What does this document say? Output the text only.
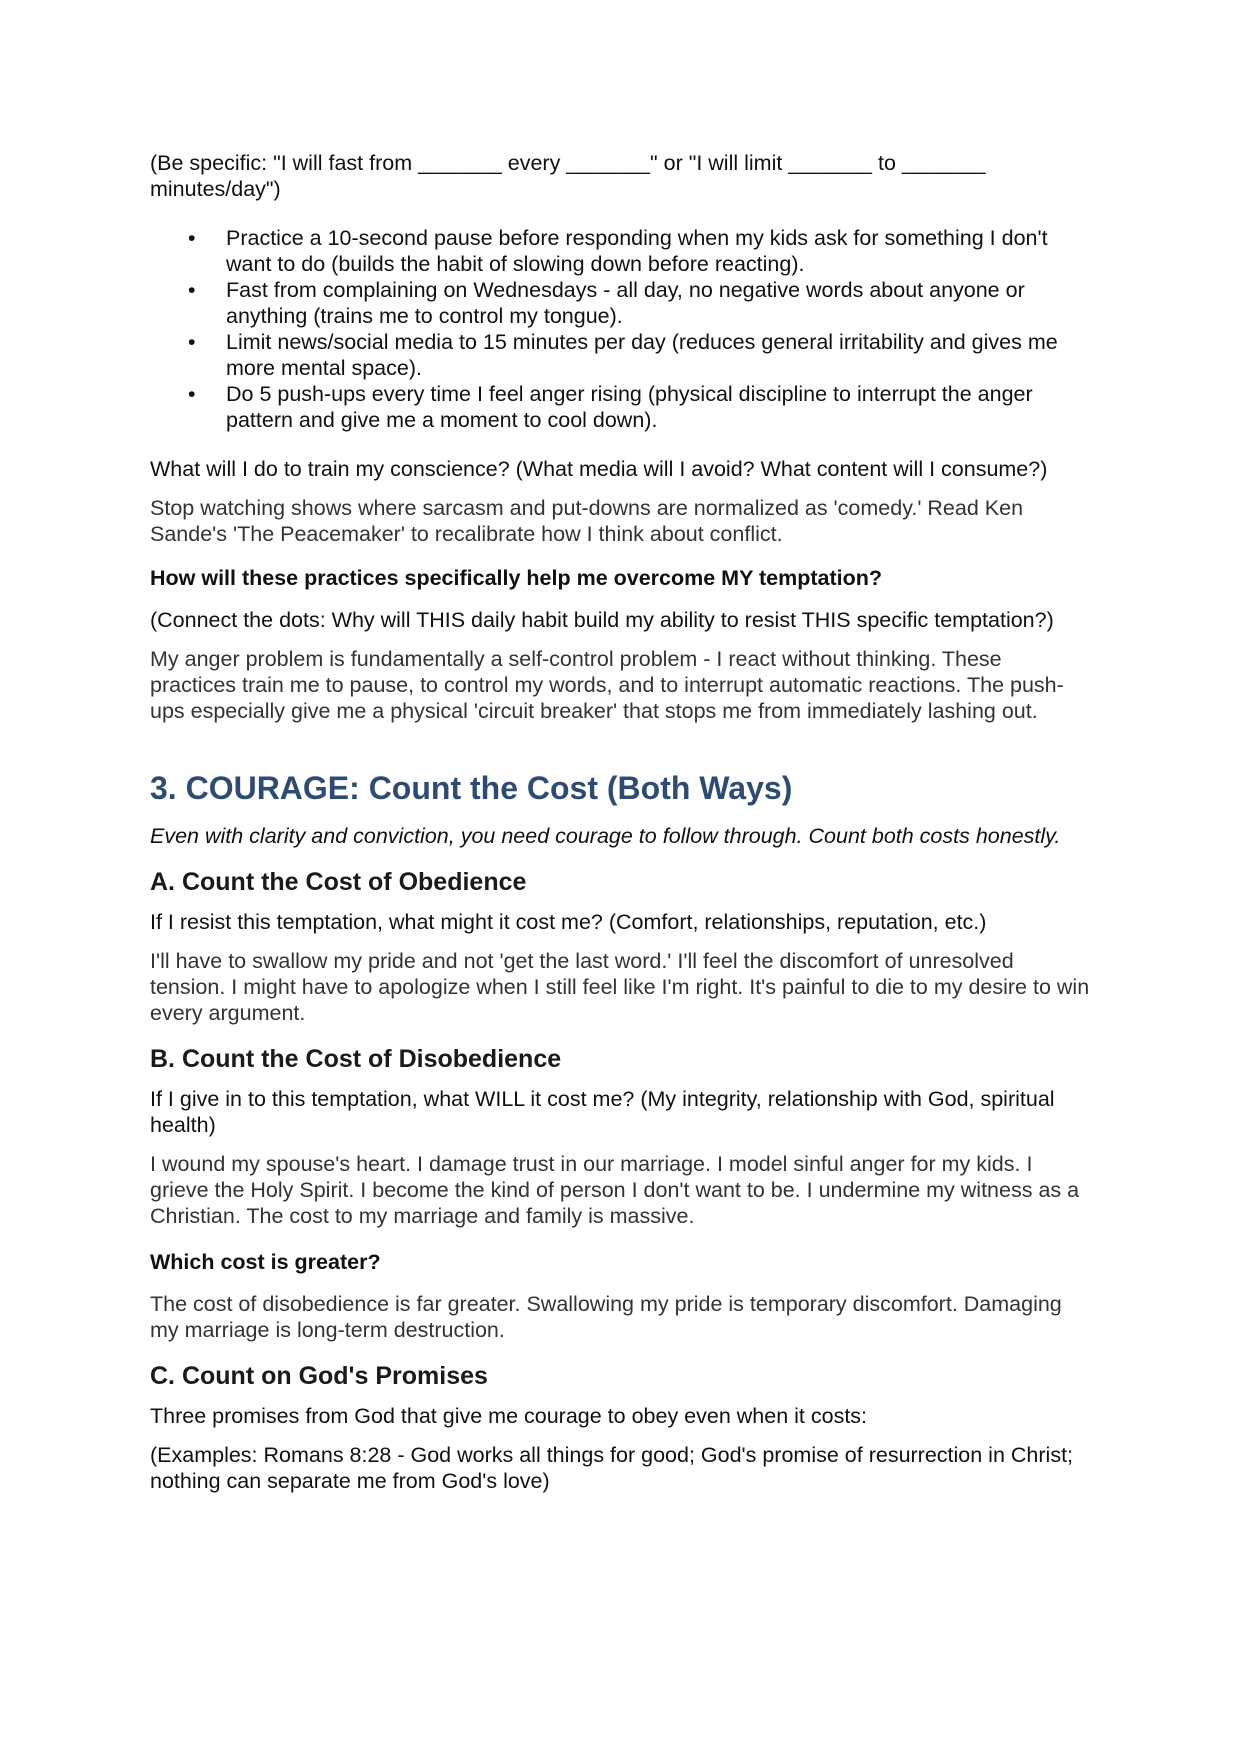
(Be specific: "I will fast from _______ every _______" or "I will limit _______ to _______ minutes/day")

• Practice a 10-second pause before responding when my kids ask for something I don't want to do (builds the habit of slowing down before reacting).
• Fast from complaining on Wednesdays - all day, no negative words about anyone or anything (trains me to control my tongue).
• Limit news/social media to 15 minutes per day (reduces general irritability and gives me more mental space).
• Do 5 push-ups every time I feel anger rising (physical discipline to interrupt the anger pattern and give me a moment to cool down).

What will I do to train my conscience? (What media will I avoid? What content will I consume?)

Stop watching shows where sarcasm and put-downs are normalized as 'comedy.' Read Ken Sande's 'The Peacemaker' to recalibrate how I think about conflict.

How will these practices specifically help me overcome MY temptation?

(Connect the dots: Why will THIS daily habit build my ability to resist THIS specific temptation?)

My anger problem is fundamentally a self-control problem - I react without thinking. These practices train me to pause, to control my words, and to interrupt automatic reactions. The push-ups especially give me a physical 'circuit breaker' that stops me from immediately lashing out.

3. COURAGE: Count the Cost (Both Ways)

Even with clarity and conviction, you need courage to follow through. Count both costs honestly.

A. Count the Cost of Obedience

If I resist this temptation, what might it cost me? (Comfort, relationships, reputation, etc.)

I'll have to swallow my pride and not 'get the last word.' I'll feel the discomfort of unresolved tension. I might have to apologize when I still feel like I'm right. It's painful to die to my desire to win every argument.

B. Count the Cost of Disobedience

If I give in to this temptation, what WILL it cost me? (My integrity, relationship with God, spiritual health)

I wound my spouse's heart. I damage trust in our marriage. I model sinful anger for my kids. I grieve the Holy Spirit. I become the kind of person I don't want to be. I undermine my witness as a Christian. The cost to my marriage and family is massive.

Which cost is greater?

The cost of disobedience is far greater. Swallowing my pride is temporary discomfort. Damaging my marriage is long-term destruction.

C. Count on God's Promises

Three promises from God that give me courage to obey even when it costs:

(Examples: Romans 8:28 - God works all things for good; God's promise of resurrection in Christ; nothing can separate me from God's love)
